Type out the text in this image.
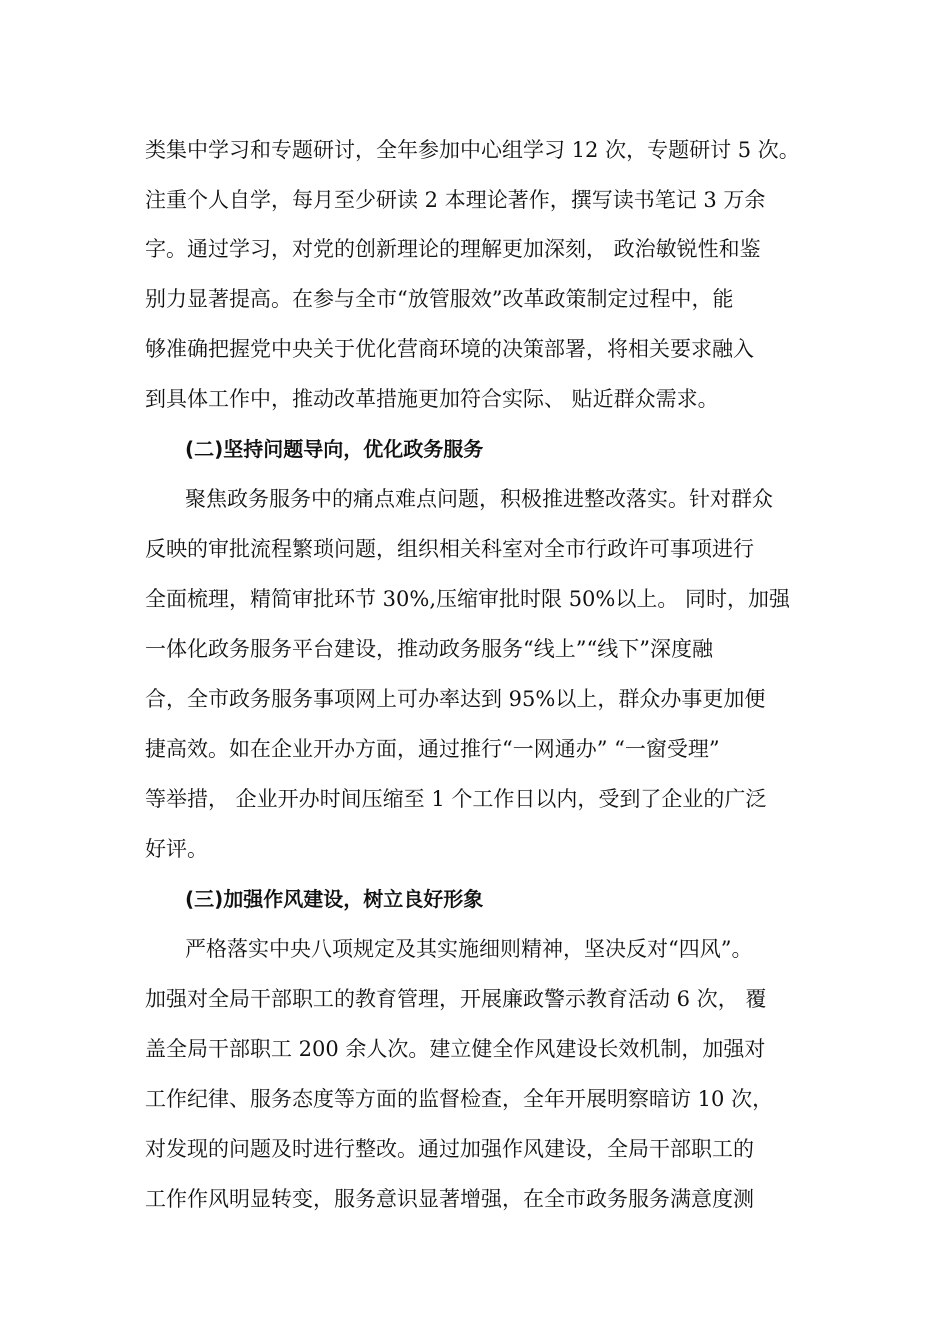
类集中学习和专题研讨，全年参加中心组学习 12 次，专题研讨 5 次。

注重个人自学，每月至少研读 2 本理论著作，撰写读书笔记 3 万余

字。通过学习，对党的创新理论的理解更加深刻， 政治敏锐性和鉴

别力显著提高。在参与全市“放管服效”改革政策制定过程中，能

够准确把握党中央关于优化营商环境的决策部署，将相关要求融入

到具体工作中，推动改革措施更加符合实际、 贴近群众需求。

(二)坚持问题导向，优化政务服务

聚焦政务服务中的痛点难点问题，积极推进整改落实。针对群众

反映的审批流程繁琐问题，组织相关科室对全市行政许可事项进行

全面梳理，精简审批环节 30%,压缩审批时限 50%以上。 同时，加强

一体化政务服务平台建设，推动政务服务“线上”“线下”深度融

合，全市政务服务事项网上可办率达到 95%以上，群众办事更加便

捷高效。如在企业开办方面，通过推行“一网通办” “一窗受理”

等举措， 企业开办时间压缩至 1 个工作日以内，受到了企业的广泛

好评。

(三)加强作风建设，树立良好形象

严格落实中央八项规定及其实施细则精神，坚决反对“四风”。

加强对全局干部职工的教育管理，开展廉政警示教育活动 6 次， 覆

盖全局干部职工 200 余人次。建立健全作风建设长效机制，加强对

工作纪律、服务态度等方面的监督检查，全年开展明察暗访 10 次，

对发现的问题及时进行整改。通过加强作风建设，全局干部职工的

工作作风明显转变，服务意识显著增强，在全市政务服务满意度测
